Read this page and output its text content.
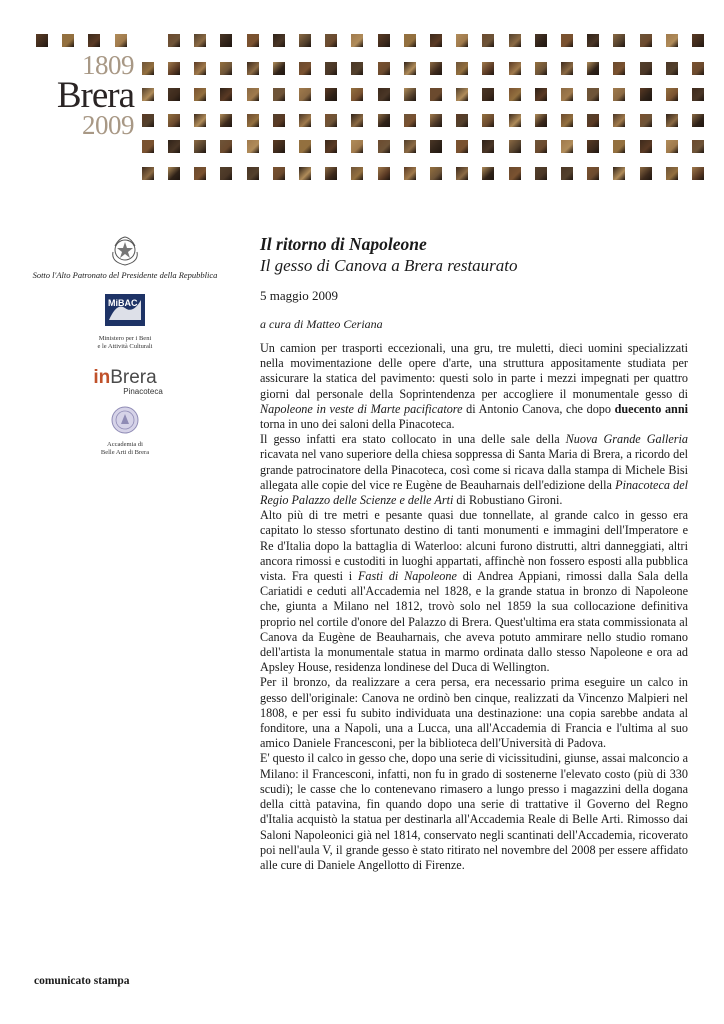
1809
Brera
2009
Sotto l'Alto Patronato del Presidente della Repubblica
MiBAC
Ministero per i Beni
e le Attività Culturali
inBrera
Pinacoteca
Accademia di
Belle Arti di Brera
comunicato stampa
Il ritorno di Napoleone
Il gesso di Canova a Brera restaurato
5 maggio 2009
a cura di Matteo Ceriana

Un camion per trasporti eccezionali, una gru, tre muletti, dieci uomini specializzati nella movimentazione delle opere d'arte, una struttura appositamente studiata per assicurare la statica del pavimento: questi solo in parte i mezzi impegnati per quattro giorni dal personale della Soprintendenza per accogliere il monumentale gesso di Napoleone in veste di Marte pacificatore di Antonio Canova, che dopo duecento anni torna in uno dei saloni della Pinacoteca.

Il gesso infatti era stato collocato in una delle sale della Nuova Grande Galleria ricavata nel vano superiore della chiesa soppressa di Santa Maria di Brera, a ricordo del grande patrocinatore della Pinacoteca, così come si ricava dalla stampa di Michele Bisi allegata alle copie del vice re Eugène de Beauharnais dell'edizione della Pinacoteca del Regio Palazzo delle Scienze e delle Arti di Robustiano Gironi.

Alto più di tre metri e pesante quasi due tonnellate, al grande calco in gesso era capitato lo stesso sfortunato destino di tanti monumenti e immagini dell'Imperatore e Re d'Italia dopo la battaglia di Waterloo: alcuni furono distrutti, altri danneggiati, altri ancora rimossi e custoditi in luoghi appartati, affinchè non fossero esposti alla pubblica vista. Fra questi i Fasti di Napoleone di Andrea Appiani, rimossi dalla Sala della Cariatidi e ceduti all'Accademia nel 1828, e la grande statua in bronzo di Napoleone che, giunta a Milano nel 1812, trovò solo nel 1859 la sua collocazione definitiva proprio nel cortile d'onore del Palazzo di Brera. Quest'ultima era stata commissionata al Canova da Eugène de Beauharnais, che aveva potuto ammirare nello studio romano dell'artista la monumentale statua in marmo ordinata dallo stesso Napoleone e ora ad Apsley House, residenza londinese del Duca di Wellington.

Per il bronzo, da realizzare a cera persa, era necessario prima eseguire un calco in gesso dell'originale: Canova ne ordinò ben cinque, realizzati da Vincenzo Malpieri nel 1808, e per essi fu subito individuata una destinazione: una copia sarebbe andata al fonditore, una a Napoli, una a Lucca, una all'Accademia di Francia e l'ultima al suo amico Daniele Francesconi, per la biblioteca dell'Università di Padova.

E' questo il calco in gesso che, dopo una serie di vicissitudini, giunse, assai malconcio a Milano: il Francesconi, infatti, non fu in grado di sostenerne l'elevato costo (più di 330 scudi); le casse che lo contenevano rimasero a lungo presso i magazzini della dogana della città patavina, fin quando dopo una serie di trattative il Governo del Regno d'Italia acquistò la statua per destinarla all'Accademia Reale di Belle Arti. Rimosso dai Saloni Napoleonici già nel 1814, conservato negli scantinati dell'Accademia, ricoverato poi nell'aula V, il grande gesso è stato ritirato nel novembre del 2008 per essere affidato alle cure di Daniele Angellotto di Firenze.
